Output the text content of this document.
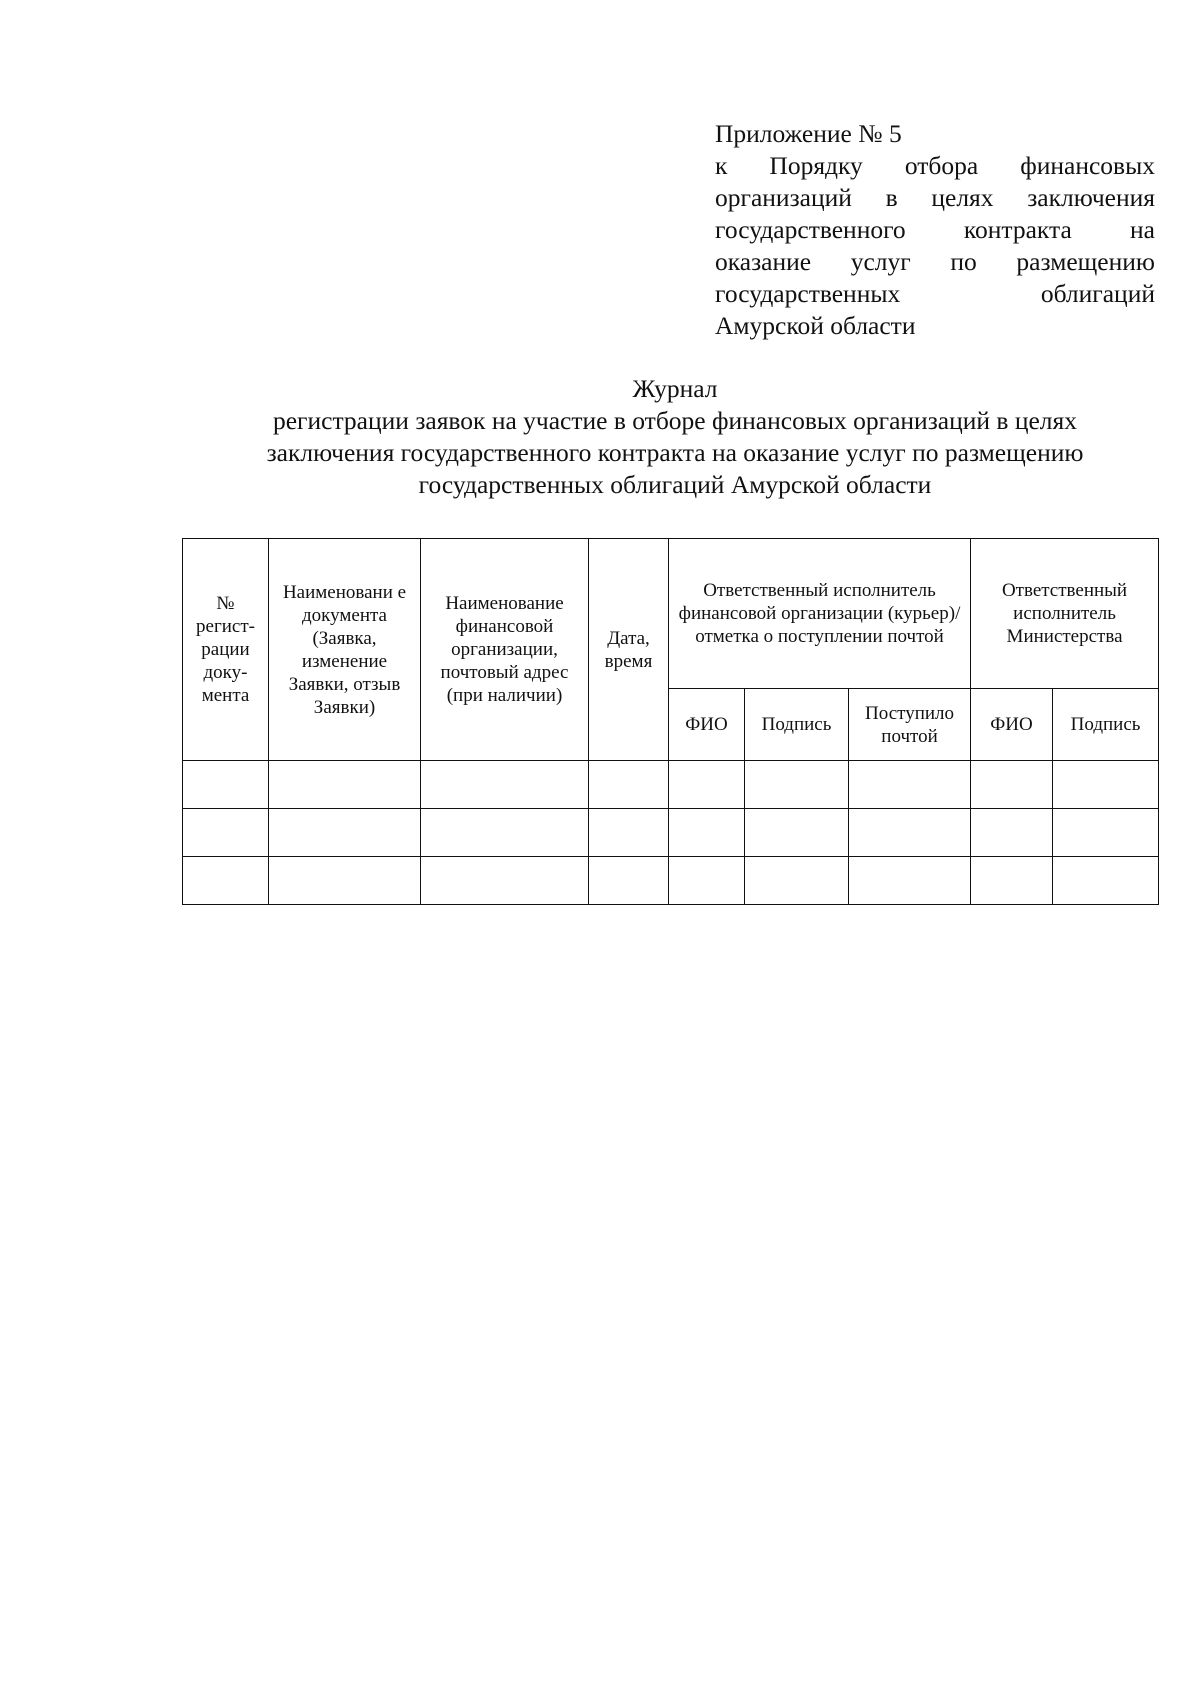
Приложение № 5
к Порядку отбора финансовых
организаций в целях заключения
государственного контракта на
оказание услуг по размещению
государственных	облигаций
Амурской области
Журнал
регистрации заявок на участие в отборе финансовых организаций в целях
заключения государственного контракта на оказание услуг по размещению
государственных облигаций Амурской области
№ регист-рации доку-мента	Наименовани е документа (Заявка, изменение Заявки, отзыв Заявки)	Наименование финансовой организации, почтовый адрес (при наличии)	Дата, время	Ответственный исполнитель финансовой организации (курьер)/ отметка о поступлении почтой			Ответственный исполнитель Министерства	
				ФИО	Подпись	Поступило почтой	ФИО	Подпись
